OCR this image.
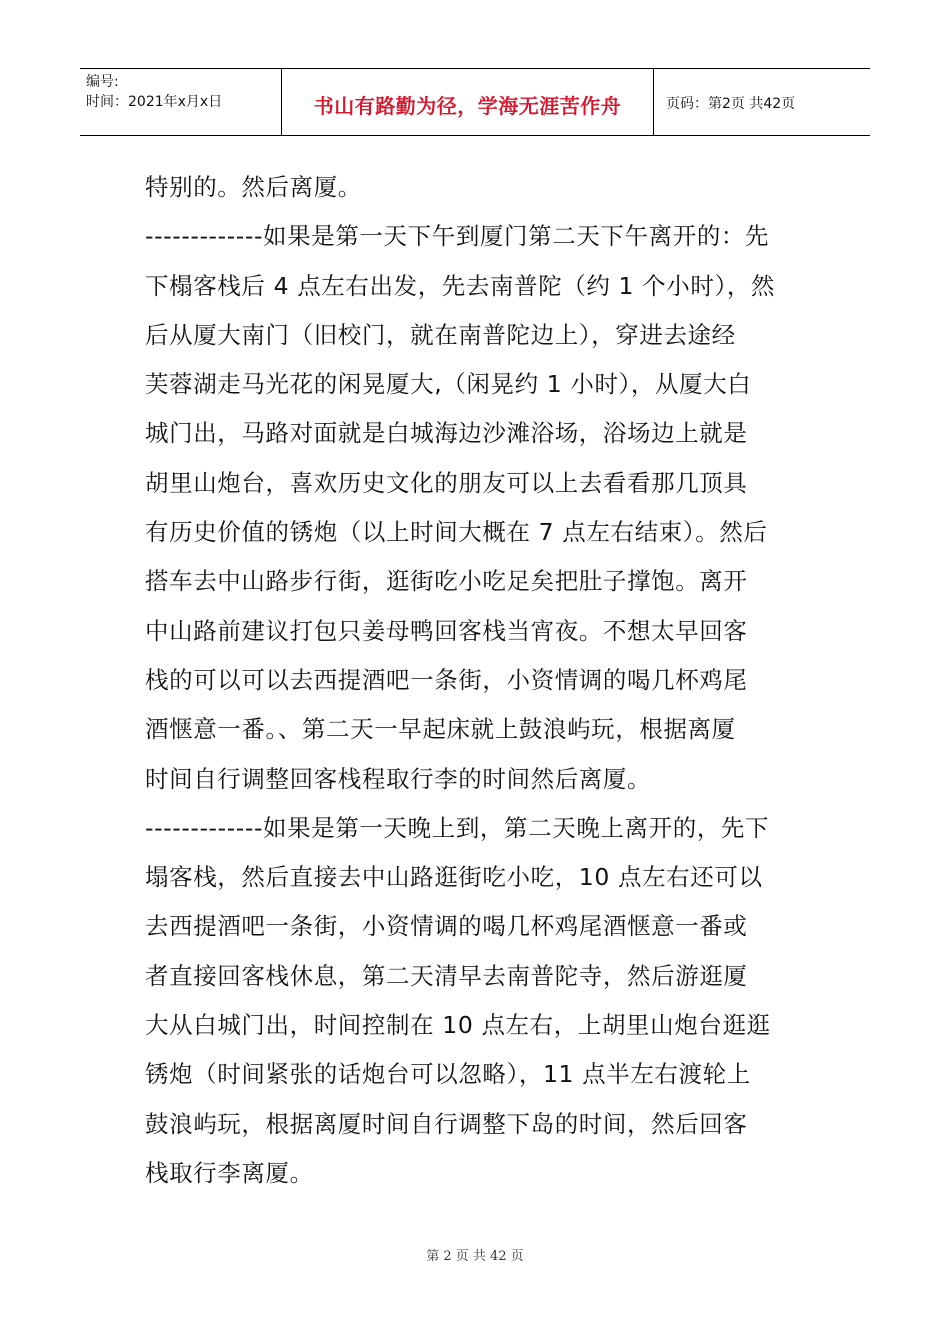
编号:
时间：2021年x月x日	书山有路勤为径，学海无涯苦作舟	页码：第2页 共42页
特别的。然后离厦。
-------------如果是第一天下午到厦门第二天下午离开的：先
下榻客栈后 4 点左右出发，先去南普陀（约 1 个小时），然
后从厦大南门（旧校门，就在南普陀边上），穿进去途经
芙蓉湖走马光花的闲晃厦大,（闲晃约 1 小时），从厦大白
城门出，马路对面就是白城海边沙滩浴场，浴场边上就是
胡里山炮台，喜欢历史文化的朋友可以上去看看那几顶具
有历史价值的锈炮（以上时间大概在 7 点左右结束）。然后
搭车去中山路步行街，逛街吃小吃足矣把肚子撑饱。离开
中山路前建议打包只姜母鸭回客栈当宵夜。不想太早回客
栈的可以可以去西提酒吧一条街，小资情调的喝几杯鸡尾
酒惬意一番。、第二天一早起床就上鼓浪屿玩，根据离厦
时间自行调整回客栈程取行李的时间然后离厦。
-------------如果是第一天晚上到，第二天晚上离开的，先下
塌客栈，然后直接去中山路逛街吃小吃，10 点左右还可以
去西提酒吧一条街，小资情调的喝几杯鸡尾酒惬意一番或
者直接回客栈休息，第二天清早去南普陀寺，然后游逛厦
大从白城门出，时间控制在 10 点左右，上胡里山炮台逛逛
锈炮（时间紧张的话炮台可以忽略），11 点半左右渡轮上
鼓浪屿玩，根据离厦时间自行调整下岛的时间，然后回客
栈取行李离厦。
第 2 页 共 42 页
